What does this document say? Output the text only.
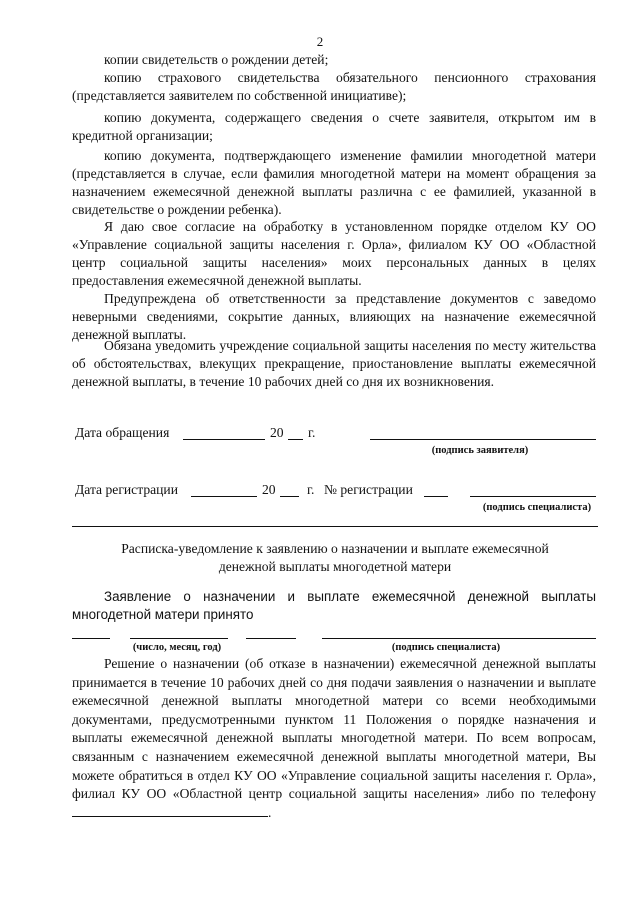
2
копии свидетельств о рождении детей;
копию страхового свидетельства обязательного пенсионного страхования (представляется заявителем по собственной инициативе);
копию документа, содержащего сведения о счете заявителя, открытом им в кредитной организации;
копию документа, подтверждающего изменение фамилии многодетной матери (представляется в случае, если фамилия многодетной матери на момент обращения за назначением ежемесячной денежной выплаты различна с ее фамилией, указанной в свидетельстве о рождении ребенка).
Я даю свое согласие на обработку в установленном порядке отделом КУ ОО «Управление социальной защиты населения г. Орла», филиалом КУ ОО «Областной центр социальной защиты населения» моих персональных данных в целях предоставления ежемесячной денежной выплаты.
Предупреждена об ответственности за представление документов с заведомо неверными сведениями, сокрытие данных, влияющих на назначение ежемесячной денежной выплаты.
Обязана уведомить учреждение социальной защиты населения по месту жительства об обстоятельствах, влекущих прекращение, приостановление выплаты ежемесячной денежной выплаты, в течение 10 рабочих дней со дня их возникновения.
Дата обращения	20 г.
(подпись заявителя)
Дата регистрации	20 г. № регистрации
(подпись специалиста)
Расписка-уведомление к заявлению о назначении и выплате ежемесячной
денежной выплаты многодетной матери
Заявление о назначении и выплате ежемесячной денежной выплаты многодетной матери принято
(число, месяц, год)	(подпись специалиста)
Решение о назначении (об отказе в назначении) ежемесячной денежной выплаты принимается в течение 10 рабочих дней со дня подачи заявления о назначении и выплате ежемесячной денежной выплаты многодетной матери со всеми необходимыми документами, предусмотренными пунктом 11 Положения о порядке назначения и выплаты ежемесячной денежной выплаты многодетной матери. По всем вопросам, связанным с назначением ежемесячной денежной выплаты многодетной матери, Вы можете обратиться в отдел КУ ОО «Управление социальной защиты населения г. Орла», филиал КУ ОО «Областной центр социальной защиты населения» либо по телефону .
